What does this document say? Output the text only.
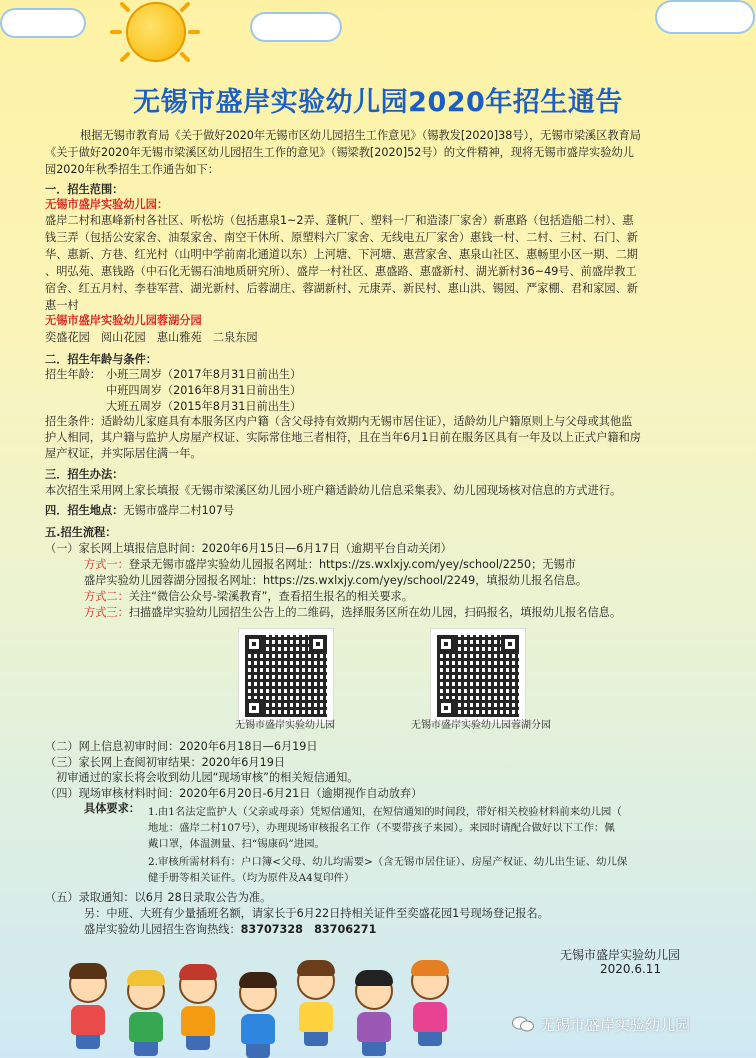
无锡市盛岸实验幼儿园2020年招生通告
根据无锡市教育局《关于做好2020年无锡市区幼儿园招生工作意见》（锡教发[2020]38号），无锡市梁溪区教育局
《关于做好2020年无锡市梁溪区幼儿园招生工作的意见》（锡梁教[2020]52号）的文件精神，现将无锡市盛岸实验幼儿
园2020年秋季招生工作通告如下：
一．招生范围：
无锡市盛岸实验幼儿园：
盛岸二村和惠峰新村各社区、听松坊（包括惠泉1~2弄、蓬帆厂、塑料一厂和造漆厂家舍）新惠路（包括造船二村）、惠
钱三弄（包括公安家舍、油泵家舍、南空干休所、原塑料六厂家舍、无线电五厂家舍）惠钱一村、二村、三村、石门、新
华、惠新、方巷、红光村（山明中学前南北通道以东）上河塘、下河塘、惠营家舍、惠泉山社区、惠畅里小区一期、二期
、明弘苑、惠钱路（中石化无锡石油地质研究所）、盛岸一村社区、惠盛路、惠盛新村、湖光新村36~49号、前盛岸教工
宿舍、红五月村、李巷军营、湖光新村、后蓉湖庄、蓉湖新村、元康弄、新民村、惠山洪、锡园、严家棚、君和家园、新
惠一村
无锡市盛岸实验幼儿园蓉湖分园
奕盛花园　阅山花园　惠山雅苑　二泉东园
二．招生年龄与条件：
招生年龄： 小班三周岁（2017年8月31日前出生）
中班四周岁（2016年8月31日前出生）
大班五周岁（2015年8月31日前出生）
招生条件：适龄幼儿家庭具有本服务区内户籍（含父母持有效期内无锡市居住证），适龄幼儿户籍原则上与父母或其他监
护人相同，其户籍与监护人房屋产权证、实际常住地三者相符，且在当年6月1日前在服务区具有一年及以上正式户籍和房
屋产权证，并实际居住满一年。
三．招生办法：
本次招生采用网上家长填报《无锡市梁溪区幼儿园小班户籍适龄幼儿信息采集表》、幼儿园现场核对信息的方式进行。
四．招生地点：无锡市盛岸二村107号
五.招生流程：
（一）家长网上填报信息时间：2020年6月15日—6月17日（逾期平台自动关闭）
方式一：登录无锡市盛岸实验幼儿园报名网址：https://zs.wxlxjy.com/yey/school/2250；无锡市
盛岸实验幼儿园蓉湖分园报名网址：https://zs.wxlxjy.com/yey/school/2249，填报幼儿报名信息。
方式二：关注“微信公众号-梁溪教育”，查看招生报名的相关要求。
方式三：扫描盛岸实验幼儿园招生公告上的二维码，选择服务区所在幼儿园，扫码报名，填报幼儿报名信息。
无锡市盛岸实验幼儿园	无锡市盛岸实验幼儿园蓉湖分园
（二）网上信息初审时间：2020年6月18日—6月19日
（三）家长网上查阅初审结果：2020年6月19日
初审通过的家长将会收到幼儿园“现场审核”的相关短信通知。
（四）现场审核材料时间：2020年6月20日-6月21日（逾期视作自动放弃）
具体要求： 1.由1名法定监护人（父亲或母亲）凭短信通知，在短信通知的时间段，带好相关校验材料前来幼儿园（
地址：盛岸二村107号），办理现场审核报名工作（不要带孩子来园）。来园时请配合做好以下工作：佩
戴口罩，体温测量、扫“锡康码”进园。
2.审核所需材料有：户口簿<父母、幼儿均需要>（含无锡市居住证）、房屋产权证、幼儿出生证、幼儿保
健手册等相关证件。（均为原件及A4复印件）
（五）录取通知：以6月 28日录取公告为准。
另：中班、大班有少量插班名额，请家长于6月22日持相关证件至奕盛花园1号现场登记报名。
盛岸实验幼儿园招生咨询热线：83707328　83706271
无锡市盛岸实验幼儿园
2020.6.11
无锡市盛岸实验幼儿园
